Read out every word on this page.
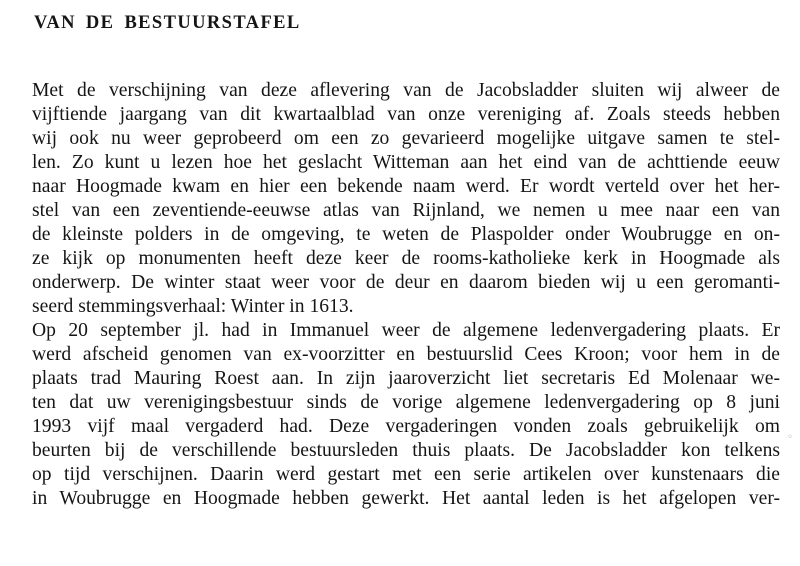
VAN DE BESTUURSTAFEL
Met de verschijning van deze aflevering van de Jacobsladder sluiten wij alweer de
vijftiende jaargang van dit kwartaalblad van onze vereniging af. Zoals steeds hebben
wij ook nu weer geprobeerd om een zo gevarieerd mogelijke uitgave samen te stel-
len. Zo kunt u lezen hoe het geslacht Witteman aan het eind van de achttiende eeuw
naar Hoogmade kwam en hier een bekende naam werd. Er wordt verteld over het her-
stel van een zeventiende-eeuwse atlas van Rijnland, we nemen u mee naar een van
de kleinste polders in de omgeving, te weten de Plaspolder onder Woubrugge en on-
ze kijk op monumenten heeft deze keer de rooms-katholieke kerk in Hoogmade als
onderwerp. De winter staat weer voor de deur en daarom bieden wij u een geromanti-
seerd stemmingsverhaal: Winter in 1613.
Op 20 september jl. had in Immanuel weer de algemene ledenvergadering plaats. Er
werd afscheid genomen van ex-voorzitter en bestuurslid Cees Kroon; voor hem in de
plaats trad Mauring Roest aan. In zijn jaaroverzicht liet secretaris Ed Molenaar we-
ten dat uw verenigingsbestuur sinds de vorige algemene ledenvergadering op 8 juni
1993 vijf maal vergaderd had. Deze vergaderingen vonden zoals gebruikelijk om
beurten bij de verschillende bestuursleden thuis plaats. De Jacobsladder kon telkens
op tijd verschijnen. Daarin werd gestart met een serie artikelen over kunstenaars die
in Woubrugge en Hoogmade hebben gewerkt. Het aantal leden is het afgelopen ver-
◦
